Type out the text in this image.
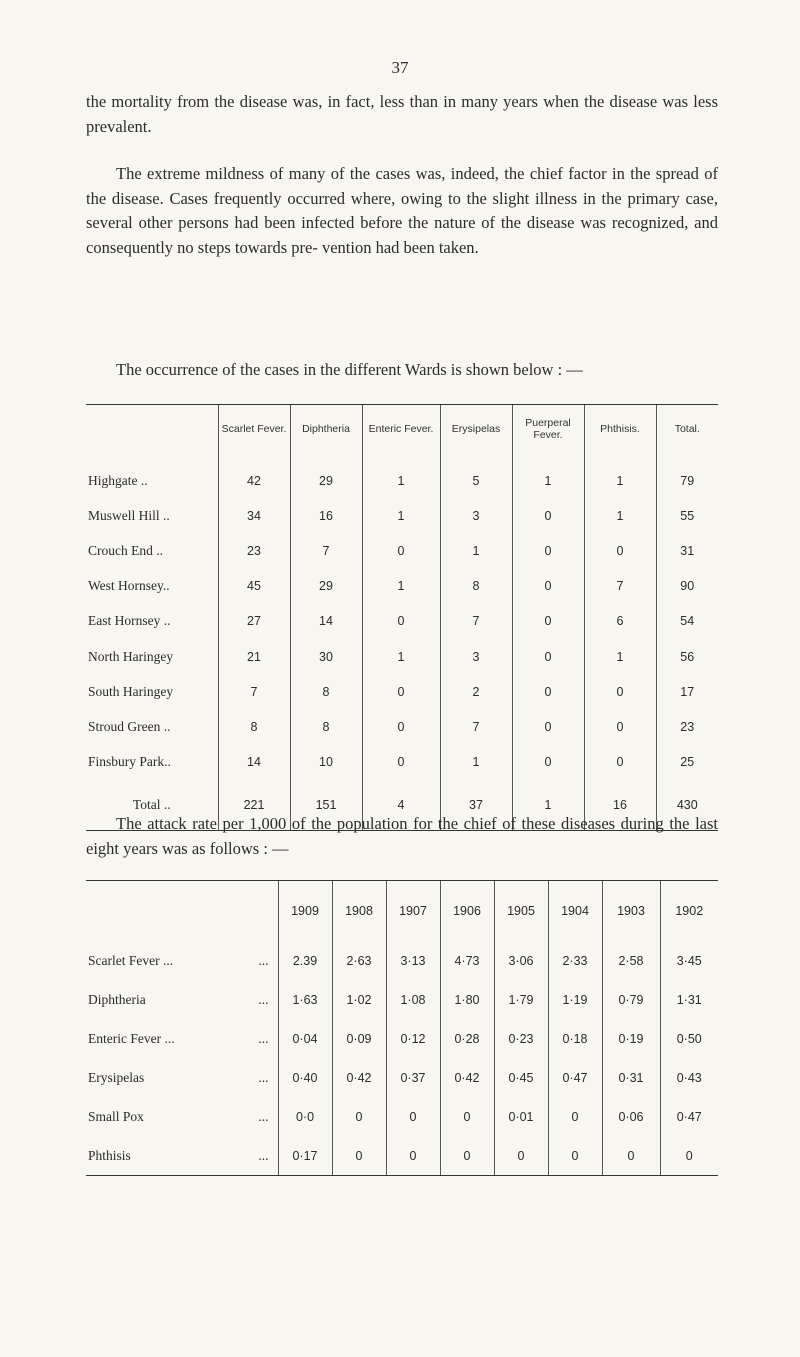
37

the mortality from the disease was, in fact, less than in many years when the disease was less prevalent.

The extreme mildness of many of the cases was, indeed, the chief factor in the spread of the disease. Cases frequently occurred where, owing to the slight illness in the primary case, several other persons had been infected before the nature of the disease was recognized, and consequently no steps towards pre- vention had been taken.

The occurrence of the cases in the different Wards is shown below : —

	Scarlet Fever.	Diphtheria	Enteric Fever.	Erysipelas	Puerperal Fever.	Phthisis.	Total.
Highgate ..	42	29	1	5	1	1	79
Muswell Hill ..	34	16	1	3	0	1	55
Crouch End ..	23	7	0	1	0	0	31
West Hornsey..	45	29	1	8	0	7	90
East Hornsey ..	27	14	0	7	0	6	54
North Haringey	21	30	1	3	0	1	56
South Haringey	7	8	0	2	0	0	17
Stroud Green ..	8	8	0	7	0	0	23
Finsbury Park..	14	10	0	1	0	0	25
Total ..	221	151	4	37	1	16	430

The attack rate per 1,000 of the population for the chief of these diseases during the last eight years was as follows : —

	1909	1908	1907	1906	1905	1904	1903	1902
Scarlet Fever ... ...	2.39	2·63	3·13	4·73	3·06	2·33	2·58	3·45
Diphtheria ...	1·63	1·02	1·08	1·80	1·79	1·19	0·79	1·31
Enteric Fever ... ...	0·04	0·09	0·12	0·28	0·23	0·18	0·19	0·50
Erysipelas ...	0·40	0·42	0·37	0·42	0·45	0·47	0·31	0·43
Small Pox ...	0·0	0	0	0	0·01	0	0·06	0·47
Phthisis ...	0·17	0	0	0	0	0	0	0
